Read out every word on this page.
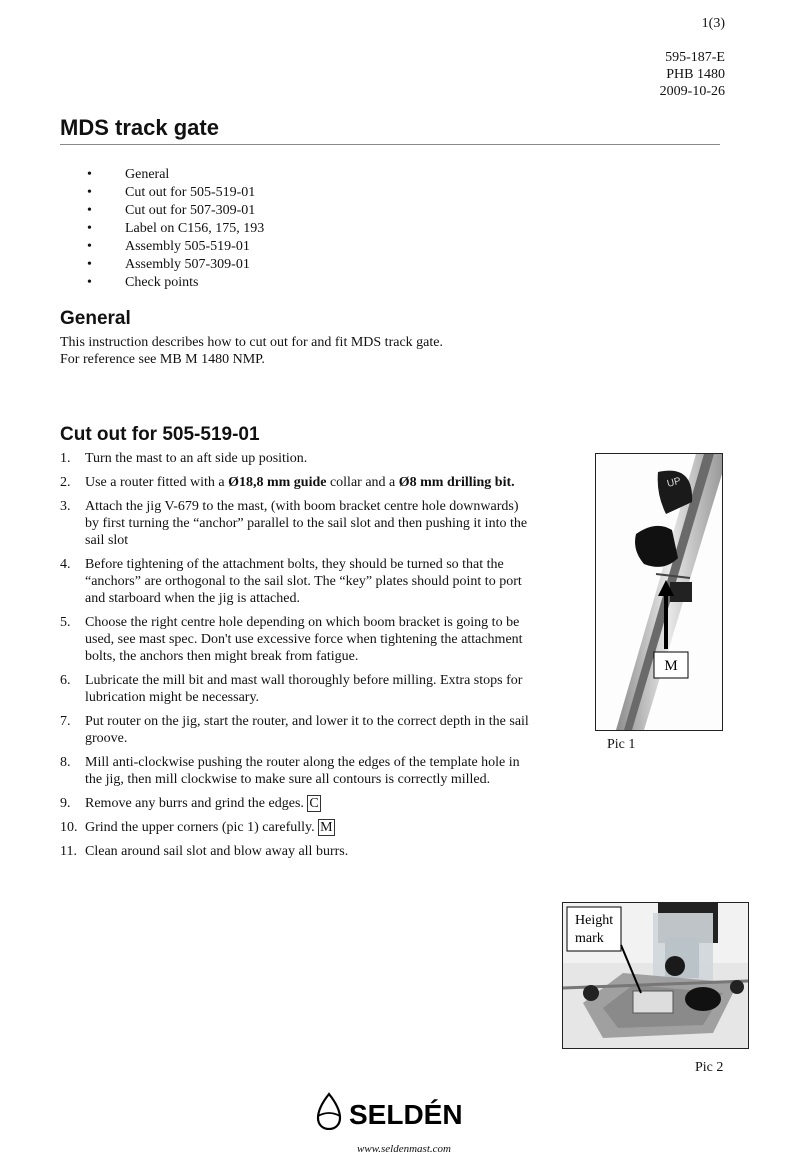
1(3)
595-187-E
PHB 1480
2009-10-26
MDS track gate
• General
• Cut out for 505-519-01
• Cut out for 507-309-01
• Label on C156, 175, 193
• Assembly 505-519-01
• Assembly 507-309-01
• Check points
General
This instruction describes how to cut out for and fit MDS track gate.
For reference see MB M 1480 NMP.
Cut out for 505-519-01
1. Turn the mast to an aft side up position.
2. Use a router fitted with a Ø18,8 mm guide collar and a Ø8 mm drilling bit.
3. Attach the jig V-679 to the mast, (with boom bracket centre hole downwards) by first turning the “anchor” parallel to the sail slot and then pushing it into the sail slot
4. Before tightening of the attachment bolts, they should be turned so that the “anchors” are orthogonal to the sail slot. The “key” plates should point to port and starboard when the jig is attached.
5. Choose the right centre hole depending on which boom bracket is going to be used, see mast spec. Don't use excessive force when tightening the attachment bolts, the anchors then might break from fatigue.
6. Lubricate the mill bit and mast wall thoroughly before milling. Extra stops for lubrication might be necessary.
7. Put router on the jig, start the router, and lower it to the correct depth in the sail groove.
8. Mill anti-clockwise pushing the router along the edges of the template hole in the jig, then mill clockwise to make sure all contours is correctly milled.
9. Remove any burrs and grind the edges. C
10. Grind the upper corners (pic 1) carefully. M
11. Clean around sail slot and blow away all burrs.
UP
M
Pic 1
Height
mark
Pic 2
SELDÉN
www.seldenmast.com
